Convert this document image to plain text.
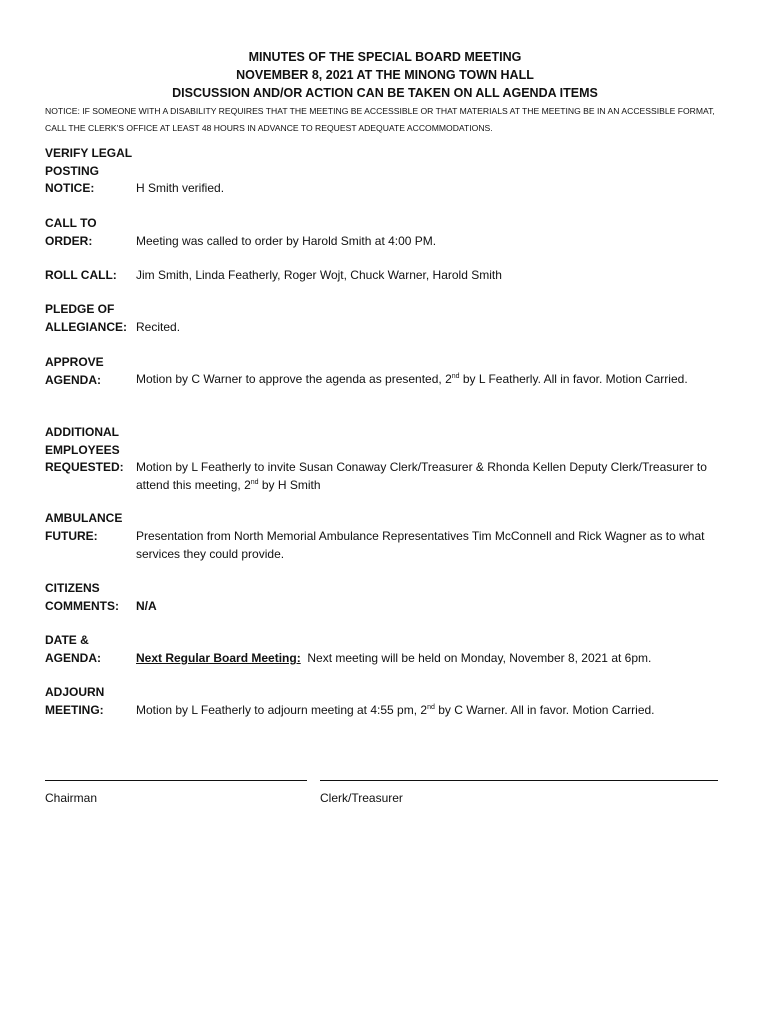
MINUTES OF THE SPECIAL BOARD MEETING
NOVEMBER 8, 2021 AT THE MINONG TOWN HALL
DISCUSSION AND/OR ACTION CAN BE TAKEN ON ALL AGENDA ITEMS
NOTICE: IF SOMEONE WITH A DISABILITY REQUIRES THAT THE MEETING BE ACCESSIBLE OR THAT MATERIALS AT THE MEETING BE IN AN ACCESSIBLE FORMAT, CALL THE CLERK'S OFFICE AT LEAST 48 HOURS IN ADVANCE TO REQUEST ADEQUATE ACCOMMODATIONS.
VERIFY LEGAL
POSTING
NOTICE:	H Smith verified.
CALL TO
ORDER:	Meeting was called to order by Harold Smith at 4:00 PM.
ROLL CALL: Jim Smith, Linda Featherly, Roger Wojt, Chuck Warner, Harold Smith
PLEDGE OF
ALLEGIANCE: Recited.
APPROVE
AGENDA:	Motion by C Warner to approve the agenda as presented, 2nd by L Featherly. All in favor. Motion Carried.
ADDITIONAL
EMPLOYEES
REQUESTED: Motion by L Featherly to invite Susan Conaway Clerk/Treasurer & Rhonda Kellen Deputy Clerk/Treasurer to attend this meeting, 2nd by H Smith
AMBULANCE
FUTURE:	Presentation from North Memorial Ambulance Representatives Tim McConnell and Rick Wagner as to what services they could provide.
CITIZENS
COMMENTS: N/A
DATE &
AGENDA:	Next Regular Board Meeting:  Next meeting will be held on Monday, November 8, 2021 at 6pm.
ADJOURN
MEETING:	Motion by L Featherly to adjourn meeting at 4:55 pm, 2nd by C Warner. All in favor. Motion Carried.
Chairman	Clerk/Treasurer
